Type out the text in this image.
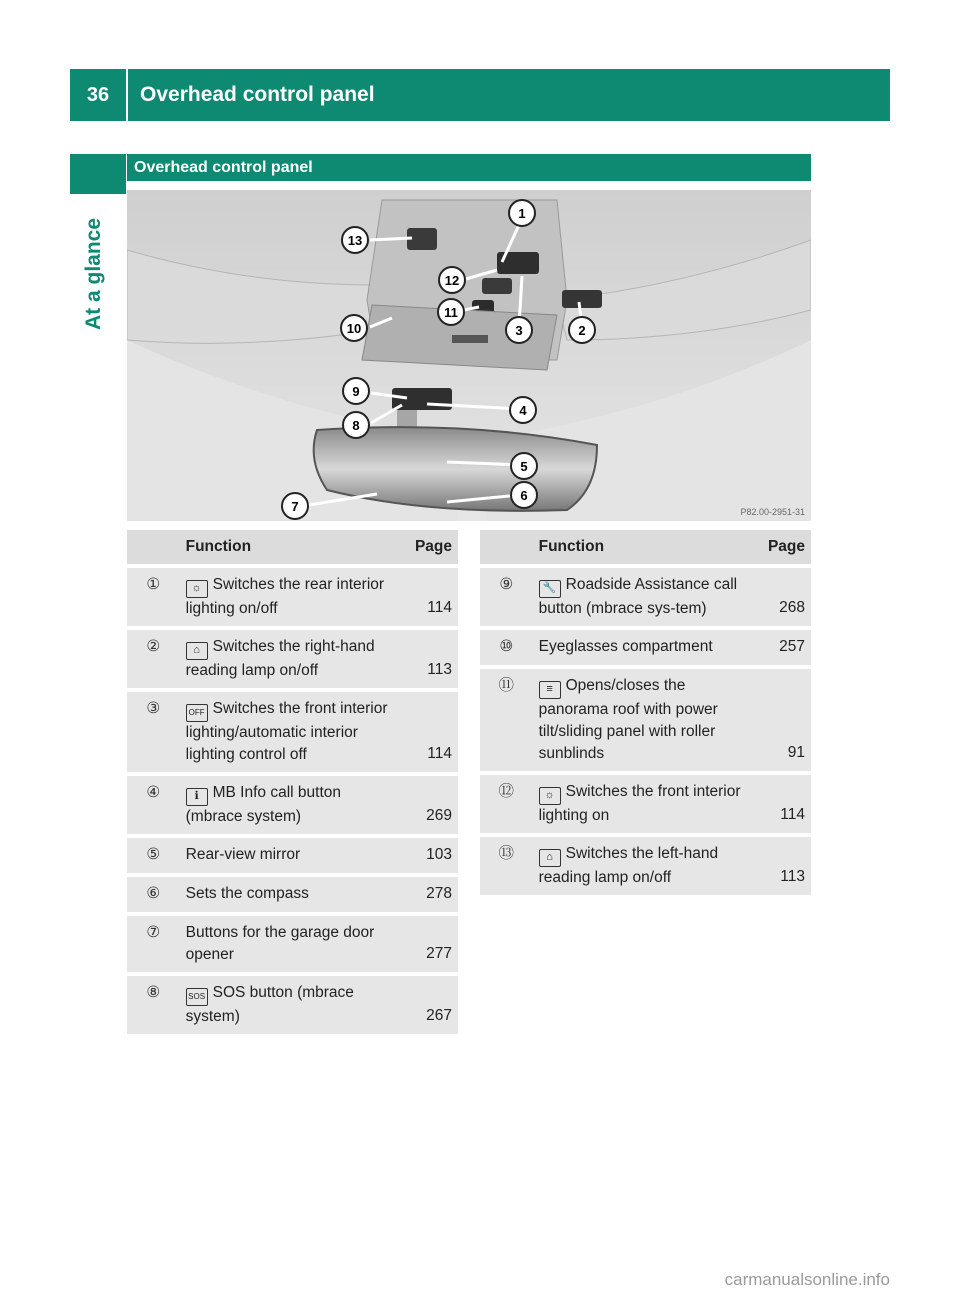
36	Overhead control panel
At a glance
Overhead control panel
1
2
3
4
5
6
7
8
9
10
11
12
13
P82.00-2951-31
	Function	Page
①	☼ Switches the rear interior lighting on/off	114
②	⌂ Switches the right-hand reading lamp on/off	113
③	OFF Switches the front interior lighting/automatic interior lighting control off	114
④	ℹ MB Info call button (mbrace system)	269
⑤	Rear-view mirror	103
⑥	Sets the compass	278
⑦	Buttons for the garage door opener	277
⑧	SOS SOS button (mbrace system)	267
	Function	Page
⑨	🔧 Roadside Assistance call button (mbrace sys-tem)	268
⑩	Eyeglasses compartment	257
⑪	≡ Opens/closes the panorama roof with power tilt/sliding panel with roller sunblinds	91
⑫	☼ Switches the front interior lighting on	114
⑬	⌂ Switches the left-hand reading lamp on/off	113
carmanualsonline.info
